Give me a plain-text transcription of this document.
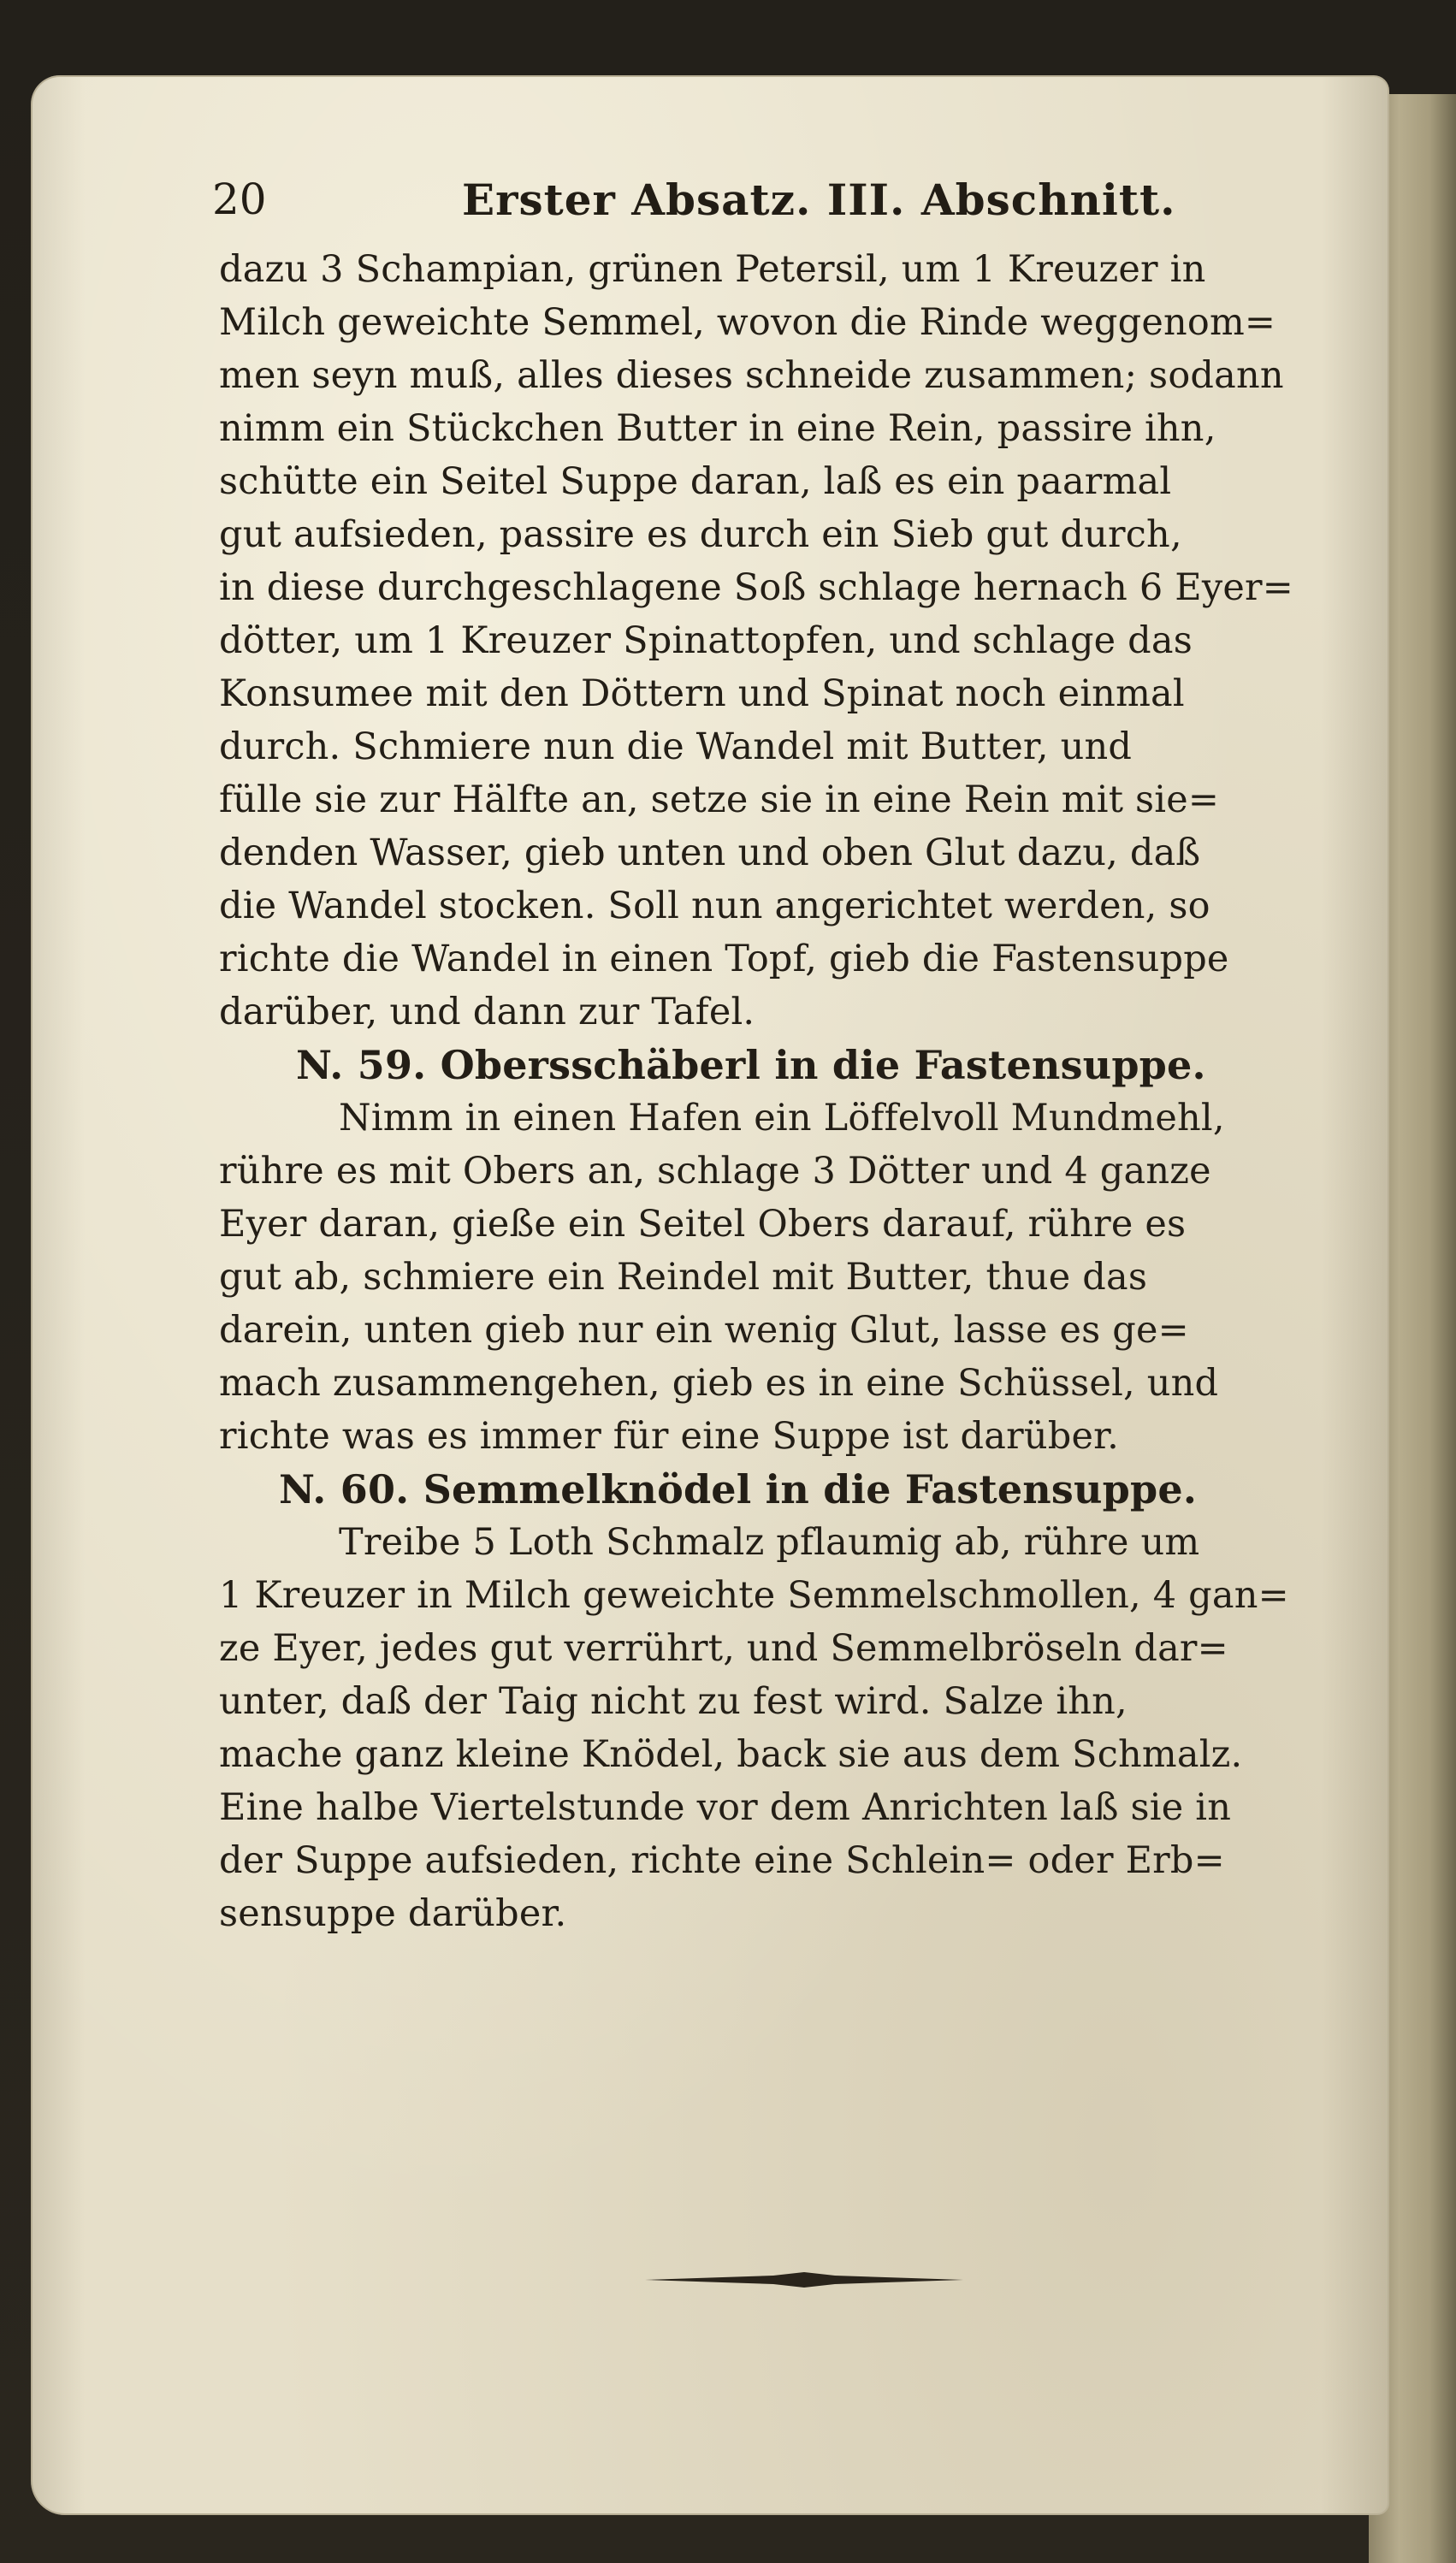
20	Erster Absatz. III. Abschnitt.
dazu 3 Schampian, grünen Petersil, um 1 Kreuzer in
Milch geweichte Semmel, wovon die Rinde weggenom=
men seyn muß, alles dieses schneide zusammen; sodann
nimm ein Stückchen Butter in eine Rein, passire ihn,
schütte ein Seitel Suppe daran, laß es ein paarmal
gut aufsieden, passire es durch ein Sieb gut durch,
in diese durchgeschlagene Soß schlage hernach 6 Eyer=
dötter, um 1 Kreuzer Spinattopfen, und schlage das
Konsumee mit den Döttern und Spinat noch einmal
durch. Schmiere nun die Wandel mit Butter, und
fülle sie zur Hälfte an, setze sie in eine Rein mit sie=
denden Wasser, gieb unten und oben Glut dazu, daß
die Wandel stocken. Soll nun angerichtet werden, so
richte die Wandel in einen Topf, gieb die Fastensuppe
darüber, und dann zur Tafel.
N. 59. Obersschäberl in die Fastensuppe.
Nimm in einen Hafen ein Löffelvoll Mundmehl,
rühre es mit Obers an, schlage 3 Dötter und 4 ganze
Eyer daran, gieße ein Seitel Obers darauf, rühre es
gut ab, schmiere ein Reindel mit Butter, thue das
darein, unten gieb nur ein wenig Glut, lasse es ge=
mach zusammengehen, gieb es in eine Schüssel, und
richte was es immer für eine Suppe ist darüber.
N. 60. Semmelknödel in die Fastensuppe.
Treibe 5 Loth Schmalz pflaumig ab, rühre um
1 Kreuzer in Milch geweichte Semmelschmollen, 4 gan=
ze Eyer, jedes gut verrührt, und Semmelbröseln dar=
unter, daß der Taig nicht zu fest wird. Salze ihn,
mache ganz kleine Knödel, back sie aus dem Schmalz.
Eine halbe Viertelstunde vor dem Anrichten laß sie in
der Suppe aufsieden, richte eine Schlein= oder Erb=
sensuppe darüber.
